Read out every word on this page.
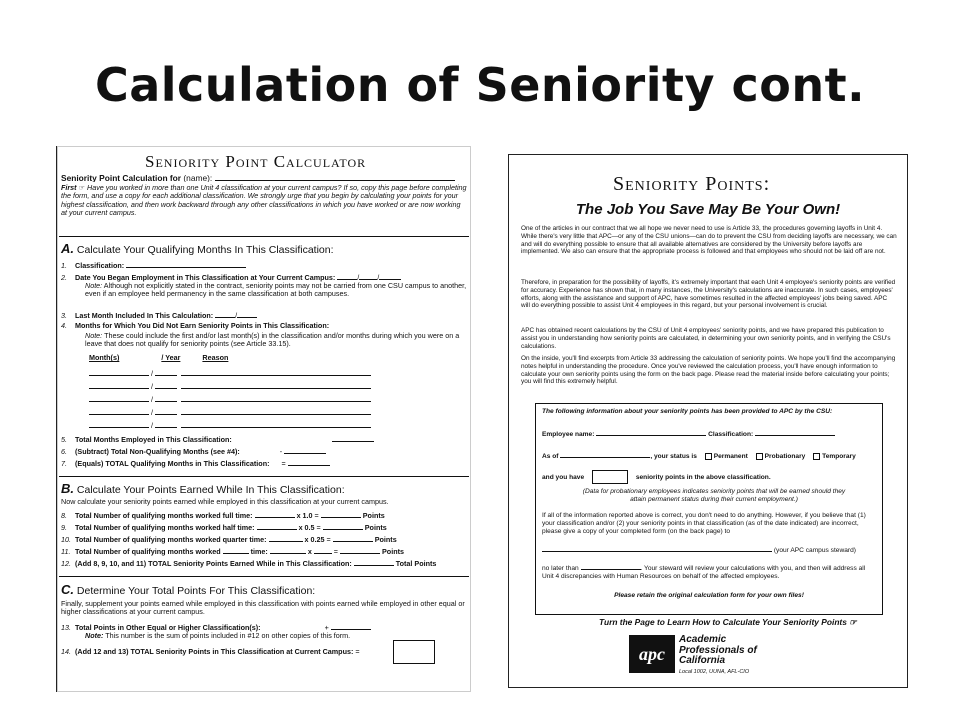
Calculation of Seniority cont.
Seniority Point Calculator
Seniority Point Calculation for (name):
First ☞ Have you worked in more than one Unit 4 classification at your current campus? If so, copy this page before completing the form, and use a copy for each additional classification. We strongly urge that you begin by calculating your points for your highest classification, and then work backward through any other classifications in which you have worked or are now working at your current campus.
A. Calculate Your Qualifying Months In This Classification:
1. Classification:
2. Date You Began Employment in This Classification at Your Current Campus:	/	/
Note: Although not explicitly stated in the contract, seniority points may not be carried from one CSU campus to another, even if an employee held permanency in the same classification at both campuses.
3. Last Month Included In This Calculation:	/
4. Months for Which You Did Not Earn Seniority Points in This Classification:
Note: These could include the first and/or last month(s) in the classification and/or months during which you were on a leave that does not qualify for seniority points (see Article 33.15).
Month(s)	/ Year	Reason
/
/
/
/
/
5. Total Months Employed in This Classification:
6. (Subtract) Total Non-Qualifying Months (see #4):	-
7. (Equals) TOTAL Qualifying Months in This Classification: =
B. Calculate Your Points Earned While In This Classification:
Now calculate your seniority points earned while employed in this classification at your current campus.
8. Total Number of qualifying months worked full time:	x 1.0 =	Points
9. Total Number of qualifying months worked half time:	x 0.5 =	Points
10. Total Number of qualifying months worked quarter time:	x 0.25 =	Points
11. Total Number of qualifying months worked	time:	x	=	Points
12. (Add 8, 9, 10, and 11) TOTAL Seniority Points Earned While in This Classification:	Total Points
C. Determine Your Total Points For This Classification:
Finally, supplement your points earned while employed in this classification with points earned while employed in other equal or higher classifications at your current campus.
13. Total Points in Other Equal or Higher Classification(s):	+
Note: This number is the sum of points included in #12 on other copies of this form.
14. (Add 12 and 13) TOTAL Seniority Points in This Classification at Current Campus: =
Seniority Points:
The Job You Save May Be Your Own!
One of the articles in our contract that we all hope we never need to use is Article 33, the procedures governing layoffs in Unit 4. While there's very little that APC—or any of the CSU unions—can do to prevent the CSU from deciding layoffs are necessary, we can and will do everything possible to ensure that all available alternatives are considered by the University before layoffs are implemented. We also can ensure that the appropriate process is followed and that employees who should not be laid off are not.
Therefore, in preparation for the possibility of layoffs, it's extremely important that each Unit 4 employee's seniority points are verified for accuracy. Experience has shown that, in many instances, the University's calculations are inaccurate. In such cases, employees' efforts, along with the assistance and support of APC, have sometimes resulted in the affected employees' jobs being saved. APC will do everything possible to assist Unit 4 employees in this regard, but your personal involvement is crucial.
APC has obtained recent calculations by the CSU of Unit 4 employees' seniority points, and we have prepared this publication to assist you in understanding how seniority points are calculated, in determining your own seniority points, and in verifying the CSU's calculations.
On the inside, you'll find excerpts from Article 33 addressing the calculation of seniority points. We hope you'll find the accompanying notes helpful in understanding the procedure. Once you've reviewed the calculation process, you'll have enough information to calculate your own seniority points using the form on the back page. Please read the material inside before calculating your points; you will find this extremely helpful.
The following information about your seniority points has been provided to APC by the CSU:
Employee name:	Classification:
As of	, your status is	Permanent	Probationary	Temporary
and you have	seniority points in the above classification.
(Data for probationary employees indicates seniority points that will be earned should they attain permanent status during their current employment.)
If all of the information reported above is correct, you don't need to do anything. However, if you believe that (1) your classification and/or (2) your seniority points in that classification (as of the date indicated) are incorrect, please give a copy of your completed form (on the back page) to
(your APC campus steward)
no later than	. Your steward will review your calculations with you, and then will address all Unit 4 discrepancies with Human Resources on behalf of the affected employees.
Please retain the original calculation form for your own files!
Turn the Page to Learn How to Calculate Your Seniority Points ☞
apc
Academic
Professionals of
California
Local 1002, UUNA, AFL-CIO
